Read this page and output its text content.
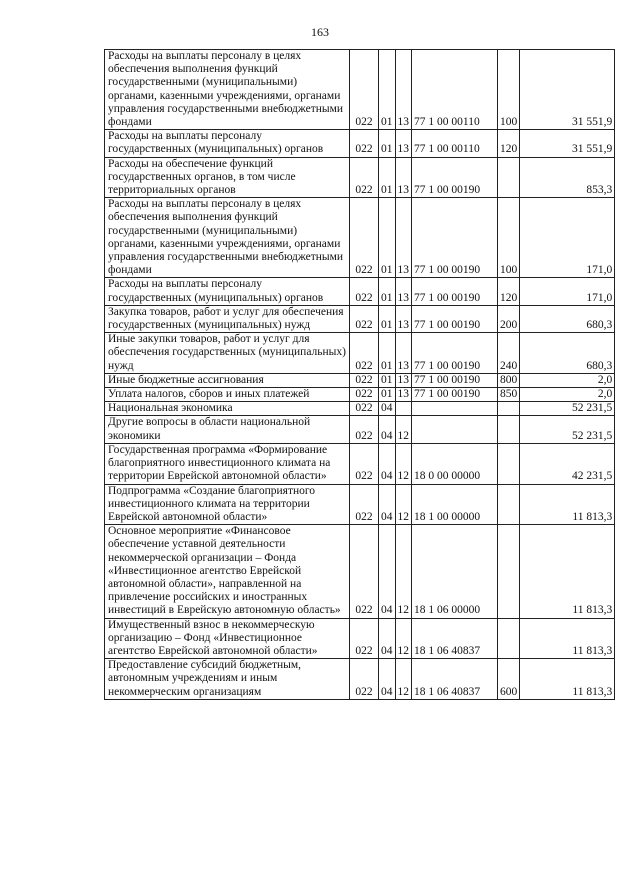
163
Расходы на выплаты персоналу в целях обеспечения выполнения функций государственными (муниципальными) органами, казенными учреждениями, органами управления государственными внебюджетными фондами	022	01	13	77 1 00 00110	100	31 551,9
Расходы на выплаты персоналу государственных (муниципальных) органов	022	01	13	77 1 00 00110	120	31 551,9
Расходы на обеспечение функций государственных органов, в том числе территориальных органов	022	01	13	77 1 00 00190		853,3
Расходы на выплаты персоналу в целях обеспечения выполнения функций государственными (муниципальными) органами, казенными учреждениями, органами управления государственными внебюджетными фондами	022	01	13	77 1 00 00190	100	171,0
Расходы на выплаты персоналу государственных (муниципальных) органов	022	01	13	77 1 00 00190	120	171,0
Закупка товаров, работ и услуг для обеспечения государственных (муниципальных) нужд	022	01	13	77 1 00 00190	200	680,3
Иные закупки товаров, работ и услуг для обеспечения государственных (муниципальных) нужд	022	01	13	77 1 00 00190	240	680,3
Иные бюджетные ассигнования	022	01	13	77 1 00 00190	800	2,0
Уплата налогов, сборов и иных платежей	022	01	13	77 1 00 00190	850	2,0
Национальная экономика	022	04				52 231,5
Другие вопросы в области национальной экономики	022	04	12			52 231,5
Государственная программа «Формирование благоприятного инвестиционного климата на территории Еврейской автономной области»	022	04	12	18 0 00 00000		42 231,5
Подпрограмма «Создание благоприятного инвестиционного климата на территории Еврейской автономной области»	022	04	12	18 1 00 00000		11 813,3
Основное мероприятие «Финансовое обеспечение уставной деятельности некоммерческой организации – Фонда «Инвестиционное агентство Еврейской автономной области», направленной на привлечение российских и иностранных инвестиций в Еврейскую автономную область»	022	04	12	18 1 06 00000		11 813,3
Имущественный взнос в некоммерческую организацию – Фонд «Инвестиционное агентство Еврейской автономной области»	022	04	12	18 1 06 40837		11 813,3
Предоставление субсидий бюджетным, автономным учреждениям и иным некоммерческим организациям	022	04	12	18 1 06 40837	600	11 813,3
